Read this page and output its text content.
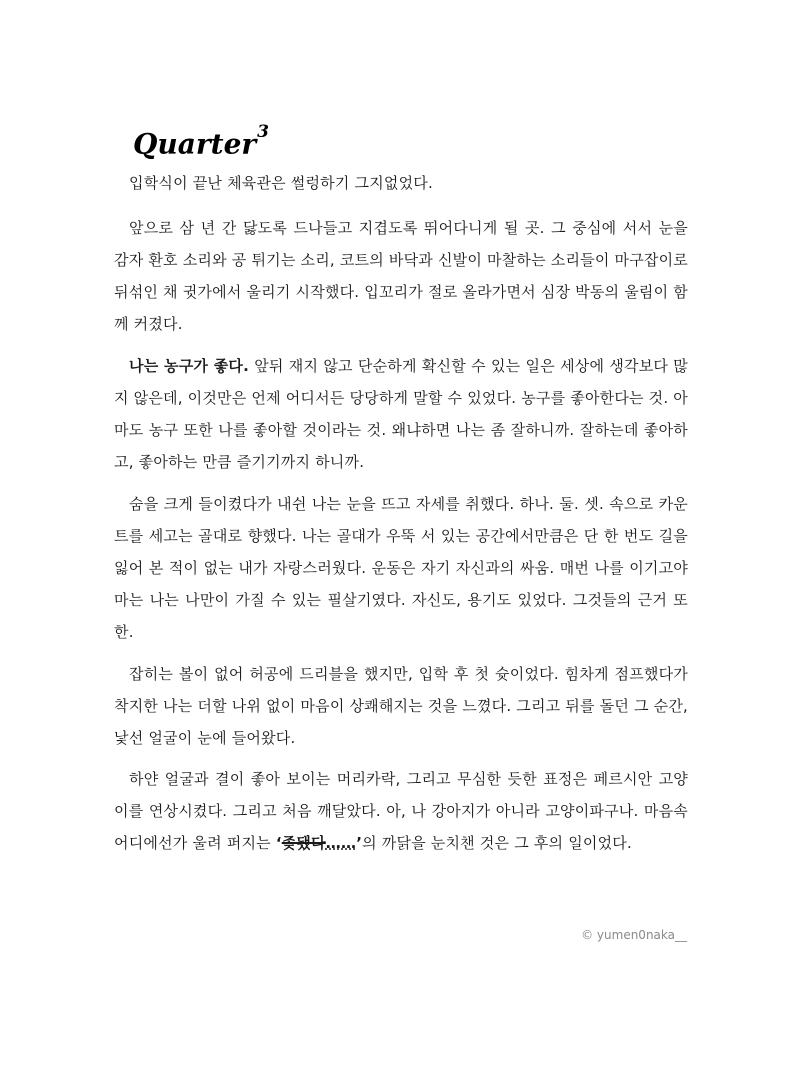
Quarter$^3$

입학식이 끝난 체육관은 썰렁하기 그지없었다.

앞으로 삼 년 간 닳도록 드나들고 지겹도록 뛰어다니게 될 곳. 그 중심에 서서 눈을 감자 환호 소리와 공 튀기는 소리, 코트의 바닥과 신발이 마찰하는 소리들이 마구잡이로 뒤섞인 채 귓가에서 울리기 시작했다. 입꼬리가 절로 올라가면서 심장 박동의 울림이 함께 커졌다.

나는 농구가 좋다. 앞뒤 재지 않고 단순하게 확신할 수 있는 일은 세상에 생각보다 많지 않은데, 이것만은 언제 어디서든 당당하게 말할 수 있었다. 농구를 좋아한다는 것. 아마도 농구 또한 나를 좋아할 것이라는 것. 왜냐하면 나는 좀 잘하니까. 잘하는데 좋아하고, 좋아하는 만큼 즐기기까지 하니까.

숨을 크게 들이켰다가 내쉰 나는 눈을 뜨고 자세를 취했다. 하나. 둘. 셋. 속으로 카운트를 세고는 골대로 향했다. 나는 골대가 우뚝 서 있는 공간에서만큼은 단 한 번도 길을 잃어 본 적이 없는 내가 자랑스러웠다. 운동은 자기 자신과의 싸움. 매번 나를 이기고야 마는 나는 나만이 가질 수 있는 필살기였다. 자신도, 용기도 있었다. 그것들의 근거 또한.

잡히는 볼이 없어 허공에 드리블을 했지만, 입학 후 첫 슛이었다. 힘차게 점프했다가 착지한 나는 더할 나위 없이 마음이 상쾌해지는 것을 느꼈다. 그리고 뒤를 돌던 그 순간, 낯선 얼굴이 눈에 들어왔다.

하얀 얼굴과 결이 좋아 보이는 머리카락, 그리고 무심한 듯한 표정은 페르시안 고양이를 연상시켰다. 그리고 처음 깨달았다. 아, 나 강아지가 아니라 고양이파구나. 마음속 어디에선가 울려 퍼지는 ‘좆됐다……’의 까닭을 눈치챈 것은 그 후의 일이었다.

© yumen0naka__
